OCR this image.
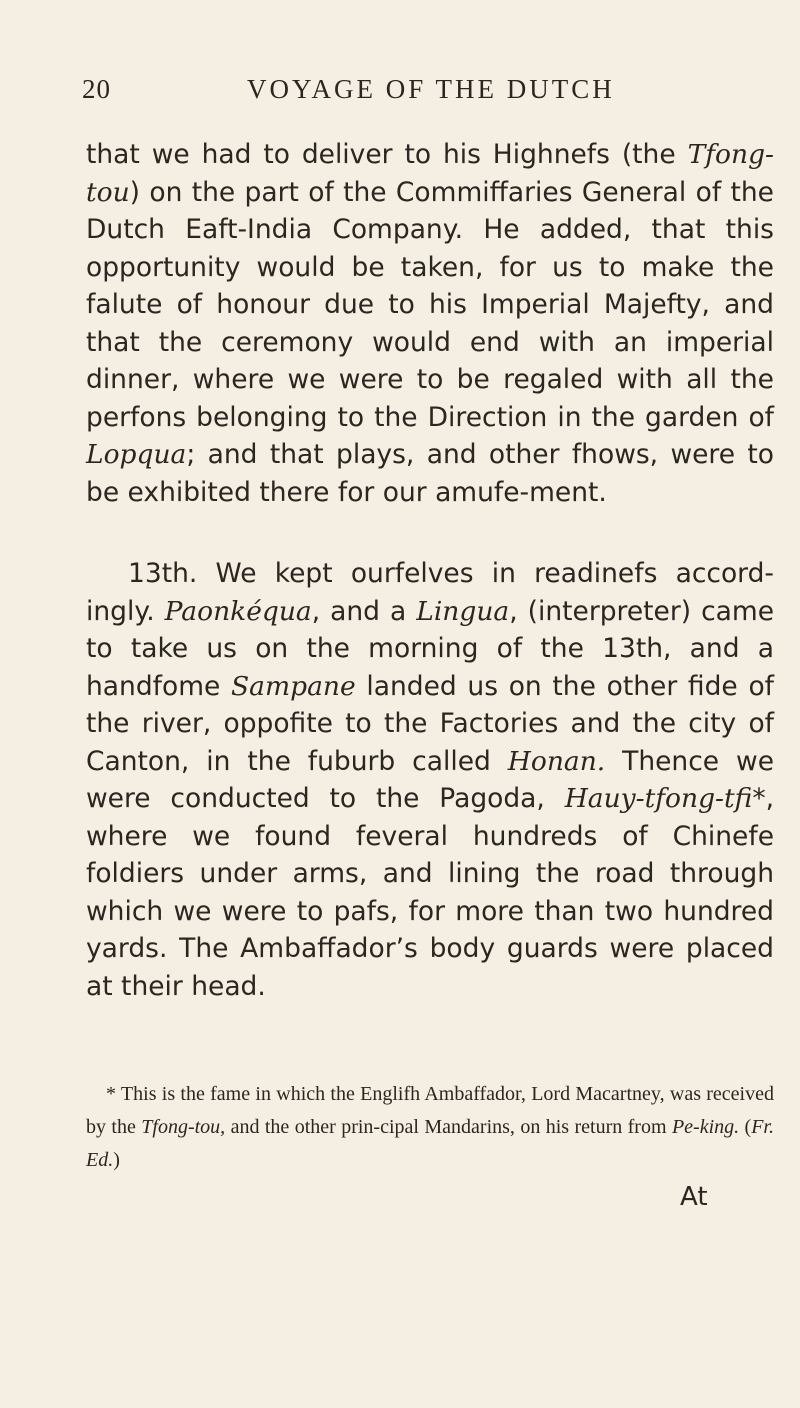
20	VOYAGE OF THE DUTCH

that we had to deliver to his Highnefs (the Tfong-tou) on the part of the Commiffaries General of the Dutch Eaft-India Company. He added, that this opportunity would be taken, for us to make the falute of honour due to his Imperial Majefty, and that the ceremony would end with an imperial dinner, where we were to be regaled with all the perfons belonging to the Direction in the garden of Lopqua; and that plays, and other fhows, were to be exhibited there for our amufe-ment.

13th. We kept ourfelves in readinefs accord-ingly. Paonkéqua, and a Lingua, (interpreter) came to take us on the morning of the 13th, and a handfome Sampane landed us on the other fide of the river, oppofite to the Factories and the city of Canton, in the fuburb called Honan. Thence we were conducted to the Pagoda, Hauy-tfong-tfi*, where we found feveral hundreds of Chinefe foldiers under arms, and lining the road through which we were to pafs, for more than two hundred yards. The Ambaffador’s body guards were placed at their head.

* This is the fame in which the Englifh Ambaffador, Lord Macartney, was received by the Tfong-tou, and the other prin-cipal Mandarins, on his return from Pe-king. (Fr. Ed.)
At
